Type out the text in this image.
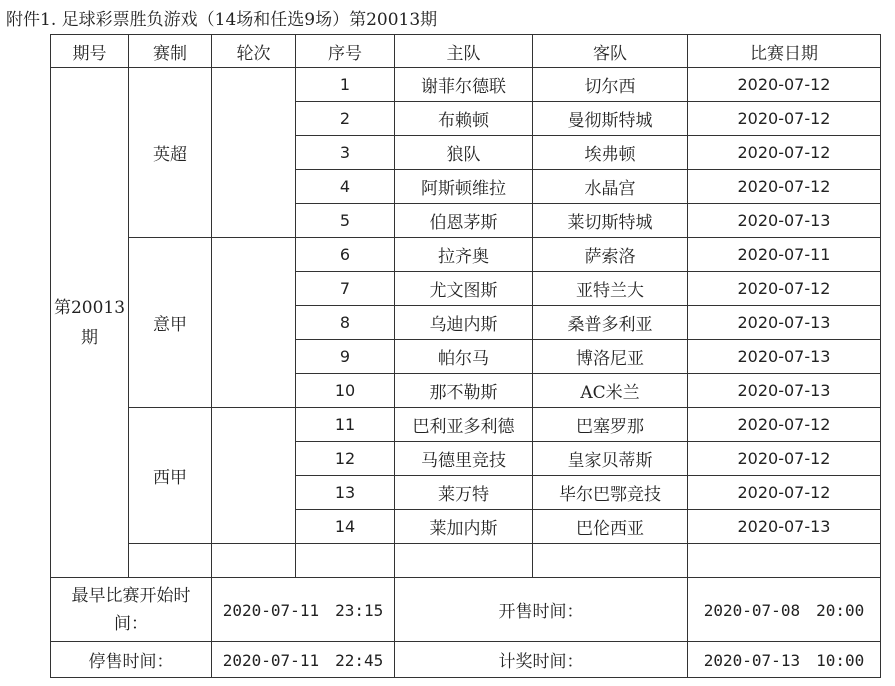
附件1. 足球彩票胜负游戏（14场和任选9场）第20013期
期号	赛制	轮次	序号	主队	客队	比赛日期

第20013
期	英超		1	谢菲尔德联	切尔西	2020-07-12
			2	布赖顿	曼彻斯特城	2020-07-12
			3	狼队	埃弗顿	2020-07-12
			4	阿斯顿维拉	水晶宫	2020-07-12
			5	伯恩茅斯	莱切斯特城	2020-07-13
	意甲		6	拉齐奥	萨索洛	2020-07-11
			7	尤文图斯	亚特兰大	2020-07-12
			8	乌迪内斯	桑普多利亚	2020-07-13
			9	帕尔马	博洛尼亚	2020-07-13
			10	那不勒斯	AC米兰	2020-07-13
	西甲		11	巴利亚多利德	巴塞罗那	2020-07-12
			12	马德里竞技	皇家贝蒂斯	2020-07-12
			13	莱万特	毕尔巴鄂竞技	2020-07-12
			14	莱加内斯	巴伦西亚	2020-07-13

最早比赛开始时
间：		2020-07-11　23:15		开售时间：		2020-07-08　20:00
停售时间：		2020-07-11　22:45		计奖时间：		2020-07-13　10:00
